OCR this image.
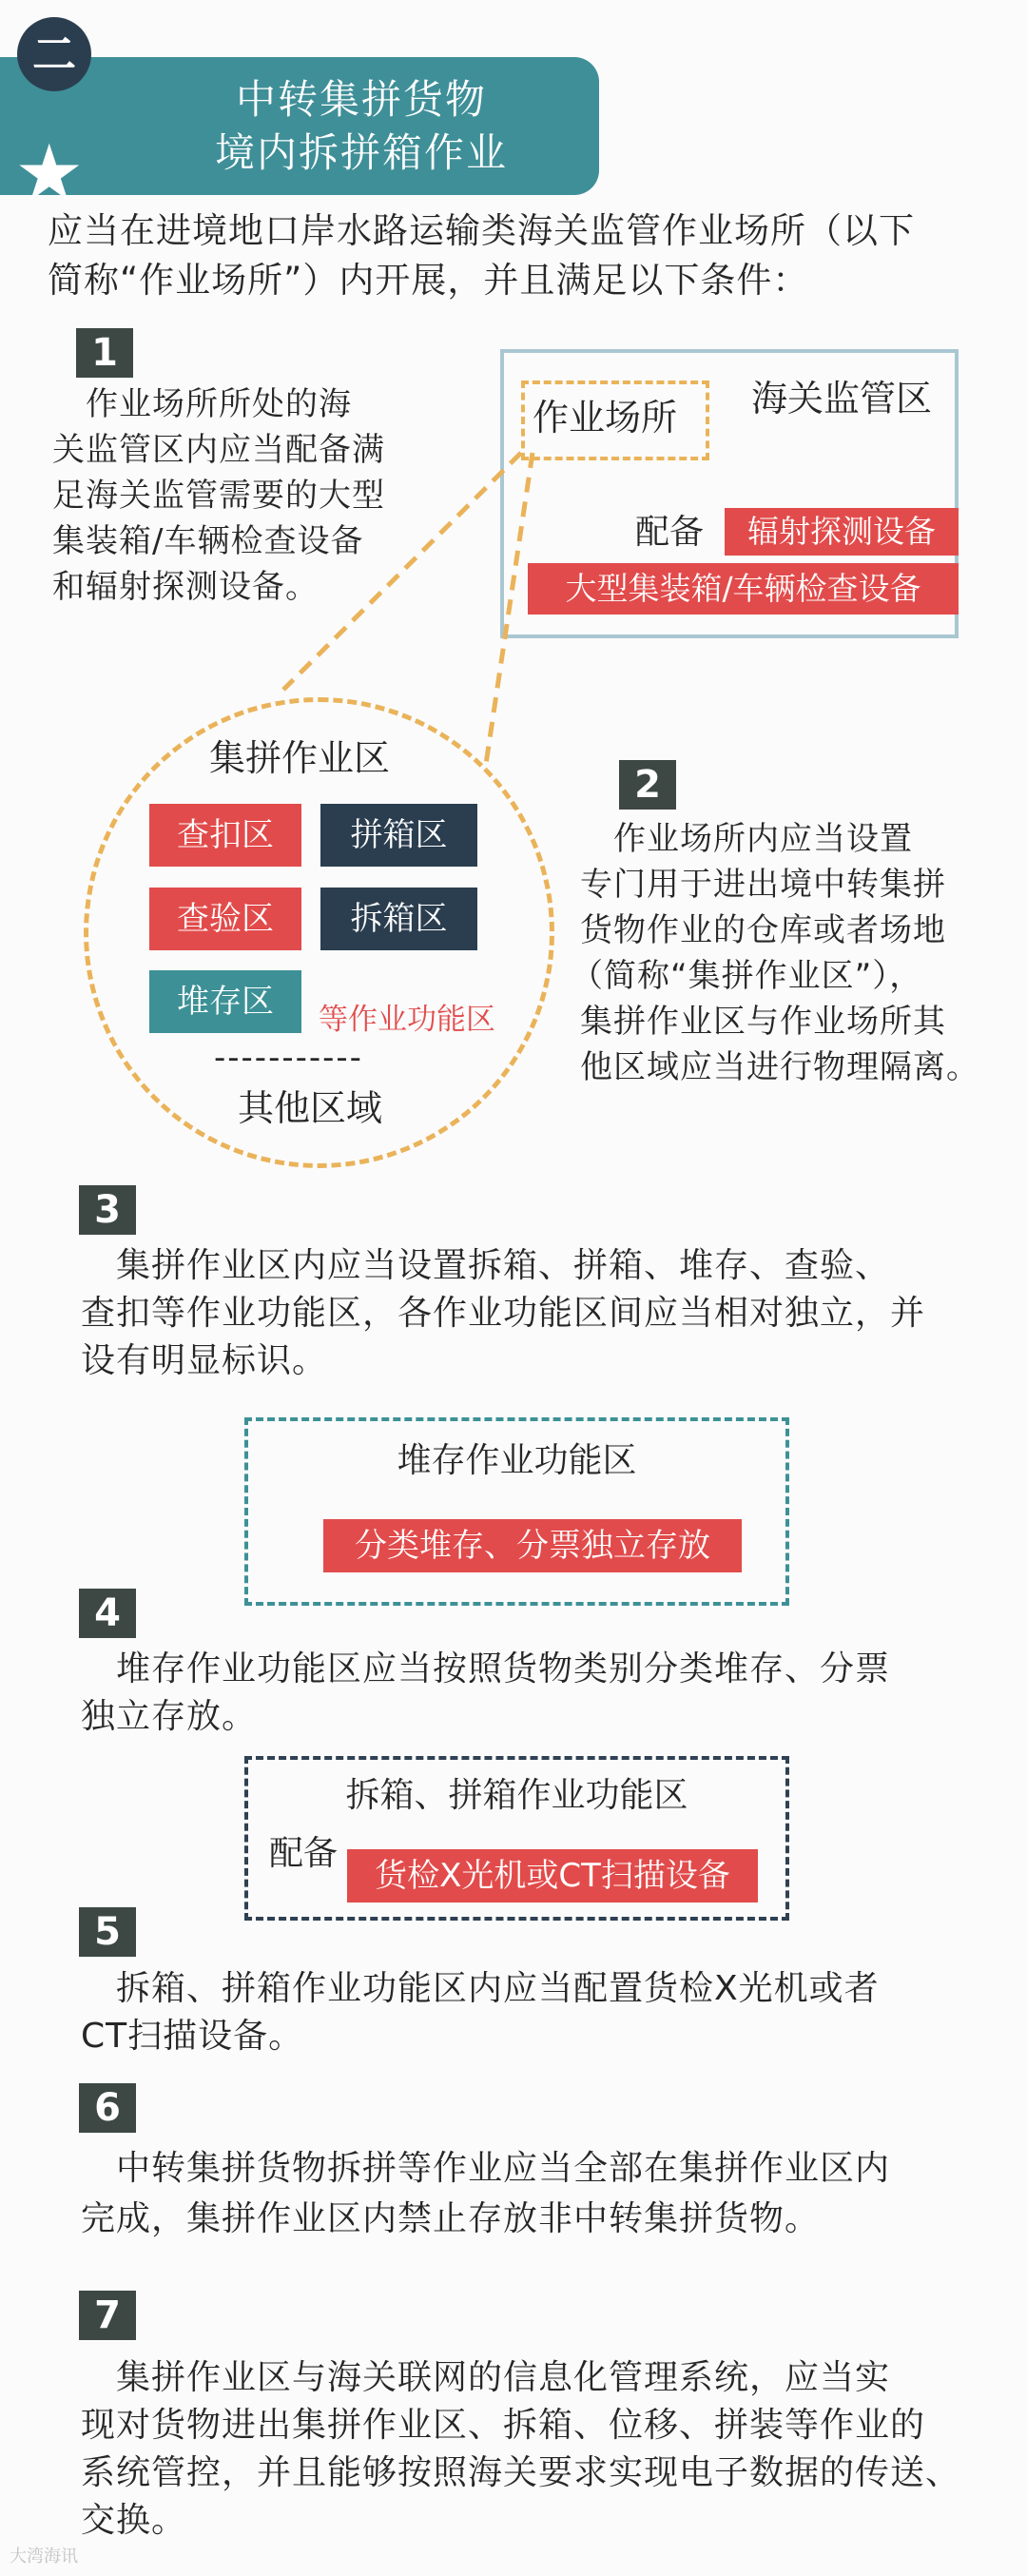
二
★
中转集拼货物
境内拆拼箱作业
应当在进境地口岸水路运输类海关监管作业场所（以下
简称“作业场所”）内开展，并且满足以下条件：
1
　作业场所所处的海
关监管区内应当配备满
足海关监管需要的大型
集装箱/车辆检查设备
和辐射探测设备。
作业场所 海关监管区
配备	辐射探测设备
大型集装箱/车辆检查设备
集拼作业区
查扣区	拼箱区
查验区	拆箱区
堆存区	等作业功能区
-----------
其他区域
2
　作业场所内应当设置
专门用于进出境中转集拼
货物作业的仓库或者场地
（简称“集拼作业区”），
集拼作业区与作业场所其
他区域应当进行物理隔离。
3
　集拼作业区内应当设置拆箱、拼箱、堆存、查验、
查扣等作业功能区，各作业功能区间应当相对独立，并
设有明显标识。
堆存作业功能区
分类堆存、分票独立存放
4
　堆存作业功能区应当按照货物类别分类堆存、分票
独立存放。
拆箱、拼箱作业功能区
配备
货检X光机或CT扫描设备
5
　拆箱、拼箱作业功能区内应当配置货检X光机或者
CT扫描设备。
6
　中转集拼货物拆拼等作业应当全部在集拼作业区内
完成，集拼作业区内禁止存放非中转集拼货物。
7
　集拼作业区与海关联网的信息化管理系统，应当实
现对货物进出集拼作业区、拆箱、位移、拼装等作业的
系统管控，并且能够按照海关要求实现电子数据的传送、
交换。
大湾海讯
